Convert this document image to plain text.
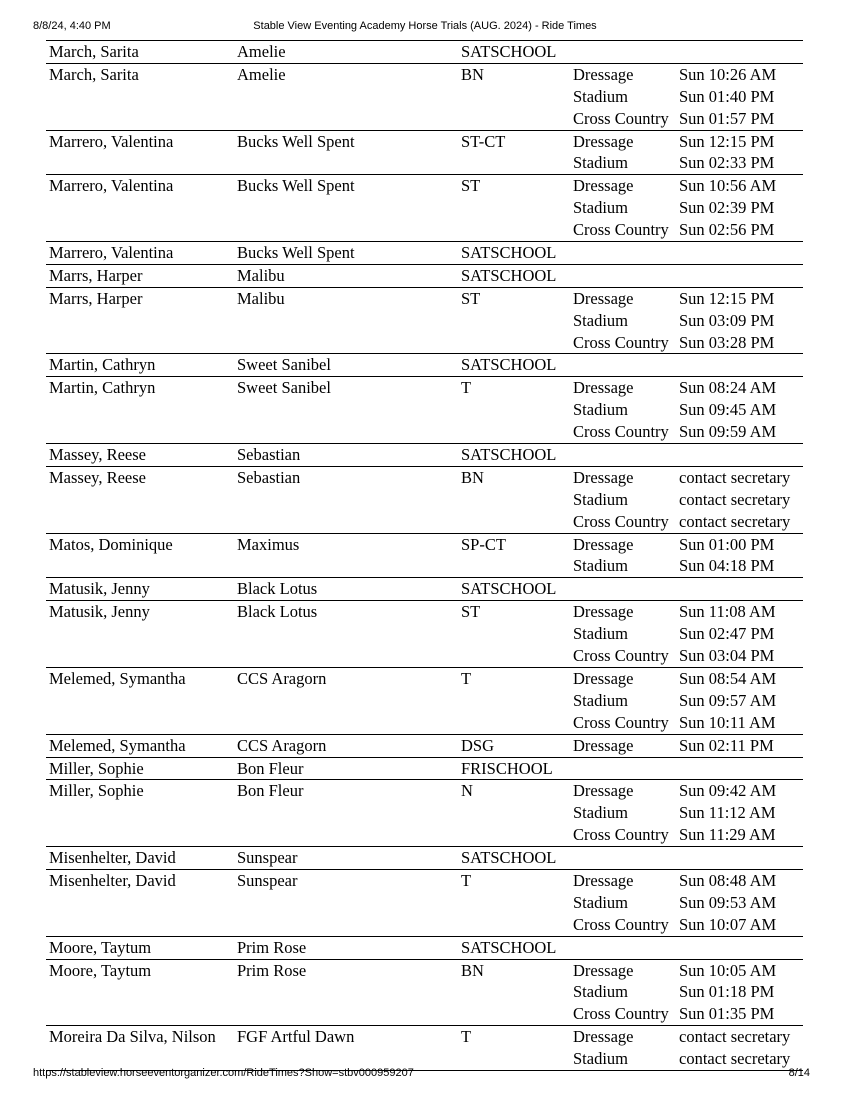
8/8/24, 4:40 PM	Stable View Eventing Academy Horse Trials (AUG. 2024) - Ride Times
March, Sarita	Amelie	SATSCHOOL
March, Sarita	Amelie	BN	Dressage	Sun 10:26 AM
Stadium	Sun 01:40 PM
Cross Country Sun 01:57 PM
Marrero, Valentina	Bucks Well Spent	ST-CT	Dressage	Sun 12:15 PM
Stadium	Sun 02:33 PM
Marrero, Valentina	Bucks Well Spent	ST	Dressage	Sun 10:56 AM
Stadium	Sun 02:39 PM
Cross Country Sun 02:56 PM
Marrero, Valentina	Bucks Well Spent	SATSCHOOL
Marrs, Harper	Malibu	SATSCHOOL
Marrs, Harper	Malibu	ST	Dressage	Sun 12:15 PM
Stadium	Sun 03:09 PM
Cross Country Sun 03:28 PM
Martin, Cathryn	Sweet Sanibel	SATSCHOOL
Martin, Cathryn	Sweet Sanibel	T	Dressage	Sun 08:24 AM
Stadium	Sun 09:45 AM
Cross Country Sun 09:59 AM
Massey, Reese	Sebastian	SATSCHOOL
Massey, Reese	Sebastian	BN	Dressage	contact secretary
Stadium	contact secretary
Cross Country contact secretary
Matos, Dominique	Maximus	SP-CT	Dressage	Sun 01:00 PM
Stadium	Sun 04:18 PM
Matusik, Jenny	Black Lotus	SATSCHOOL
Matusik, Jenny	Black Lotus	ST	Dressage	Sun 11:08 AM
Stadium	Sun 02:47 PM
Cross Country Sun 03:04 PM
Melemed, Symantha	CCS Aragorn	T	Dressage	Sun 08:54 AM
Stadium	Sun 09:57 AM
Cross Country Sun 10:11 AM
Melemed, Symantha	CCS Aragorn	DSG	Dressage	Sun 02:11 PM
Miller, Sophie	Bon Fleur	FRISCHOOL
Miller, Sophie	Bon Fleur	N	Dressage	Sun 09:42 AM
Stadium	Sun 11:12 AM
Cross Country Sun 11:29 AM
Misenhelter, David	Sunspear	SATSCHOOL
Misenhelter, David	Sunspear	T	Dressage	Sun 08:48 AM
Stadium	Sun 09:53 AM
Cross Country Sun 10:07 AM
Moore, Taytum	Prim Rose	SATSCHOOL
Moore, Taytum	Prim Rose	BN	Dressage	Sun 10:05 AM
Stadium	Sun 01:18 PM
Cross Country Sun 01:35 PM
Moreira Da Silva, Nilson	FGF Artful Dawn	T	Dressage	contact secretary
Stadium	contact secretary
https://stableview.horseeventorganizer.com/RideTimes?Show=stbv000959207	8/14
